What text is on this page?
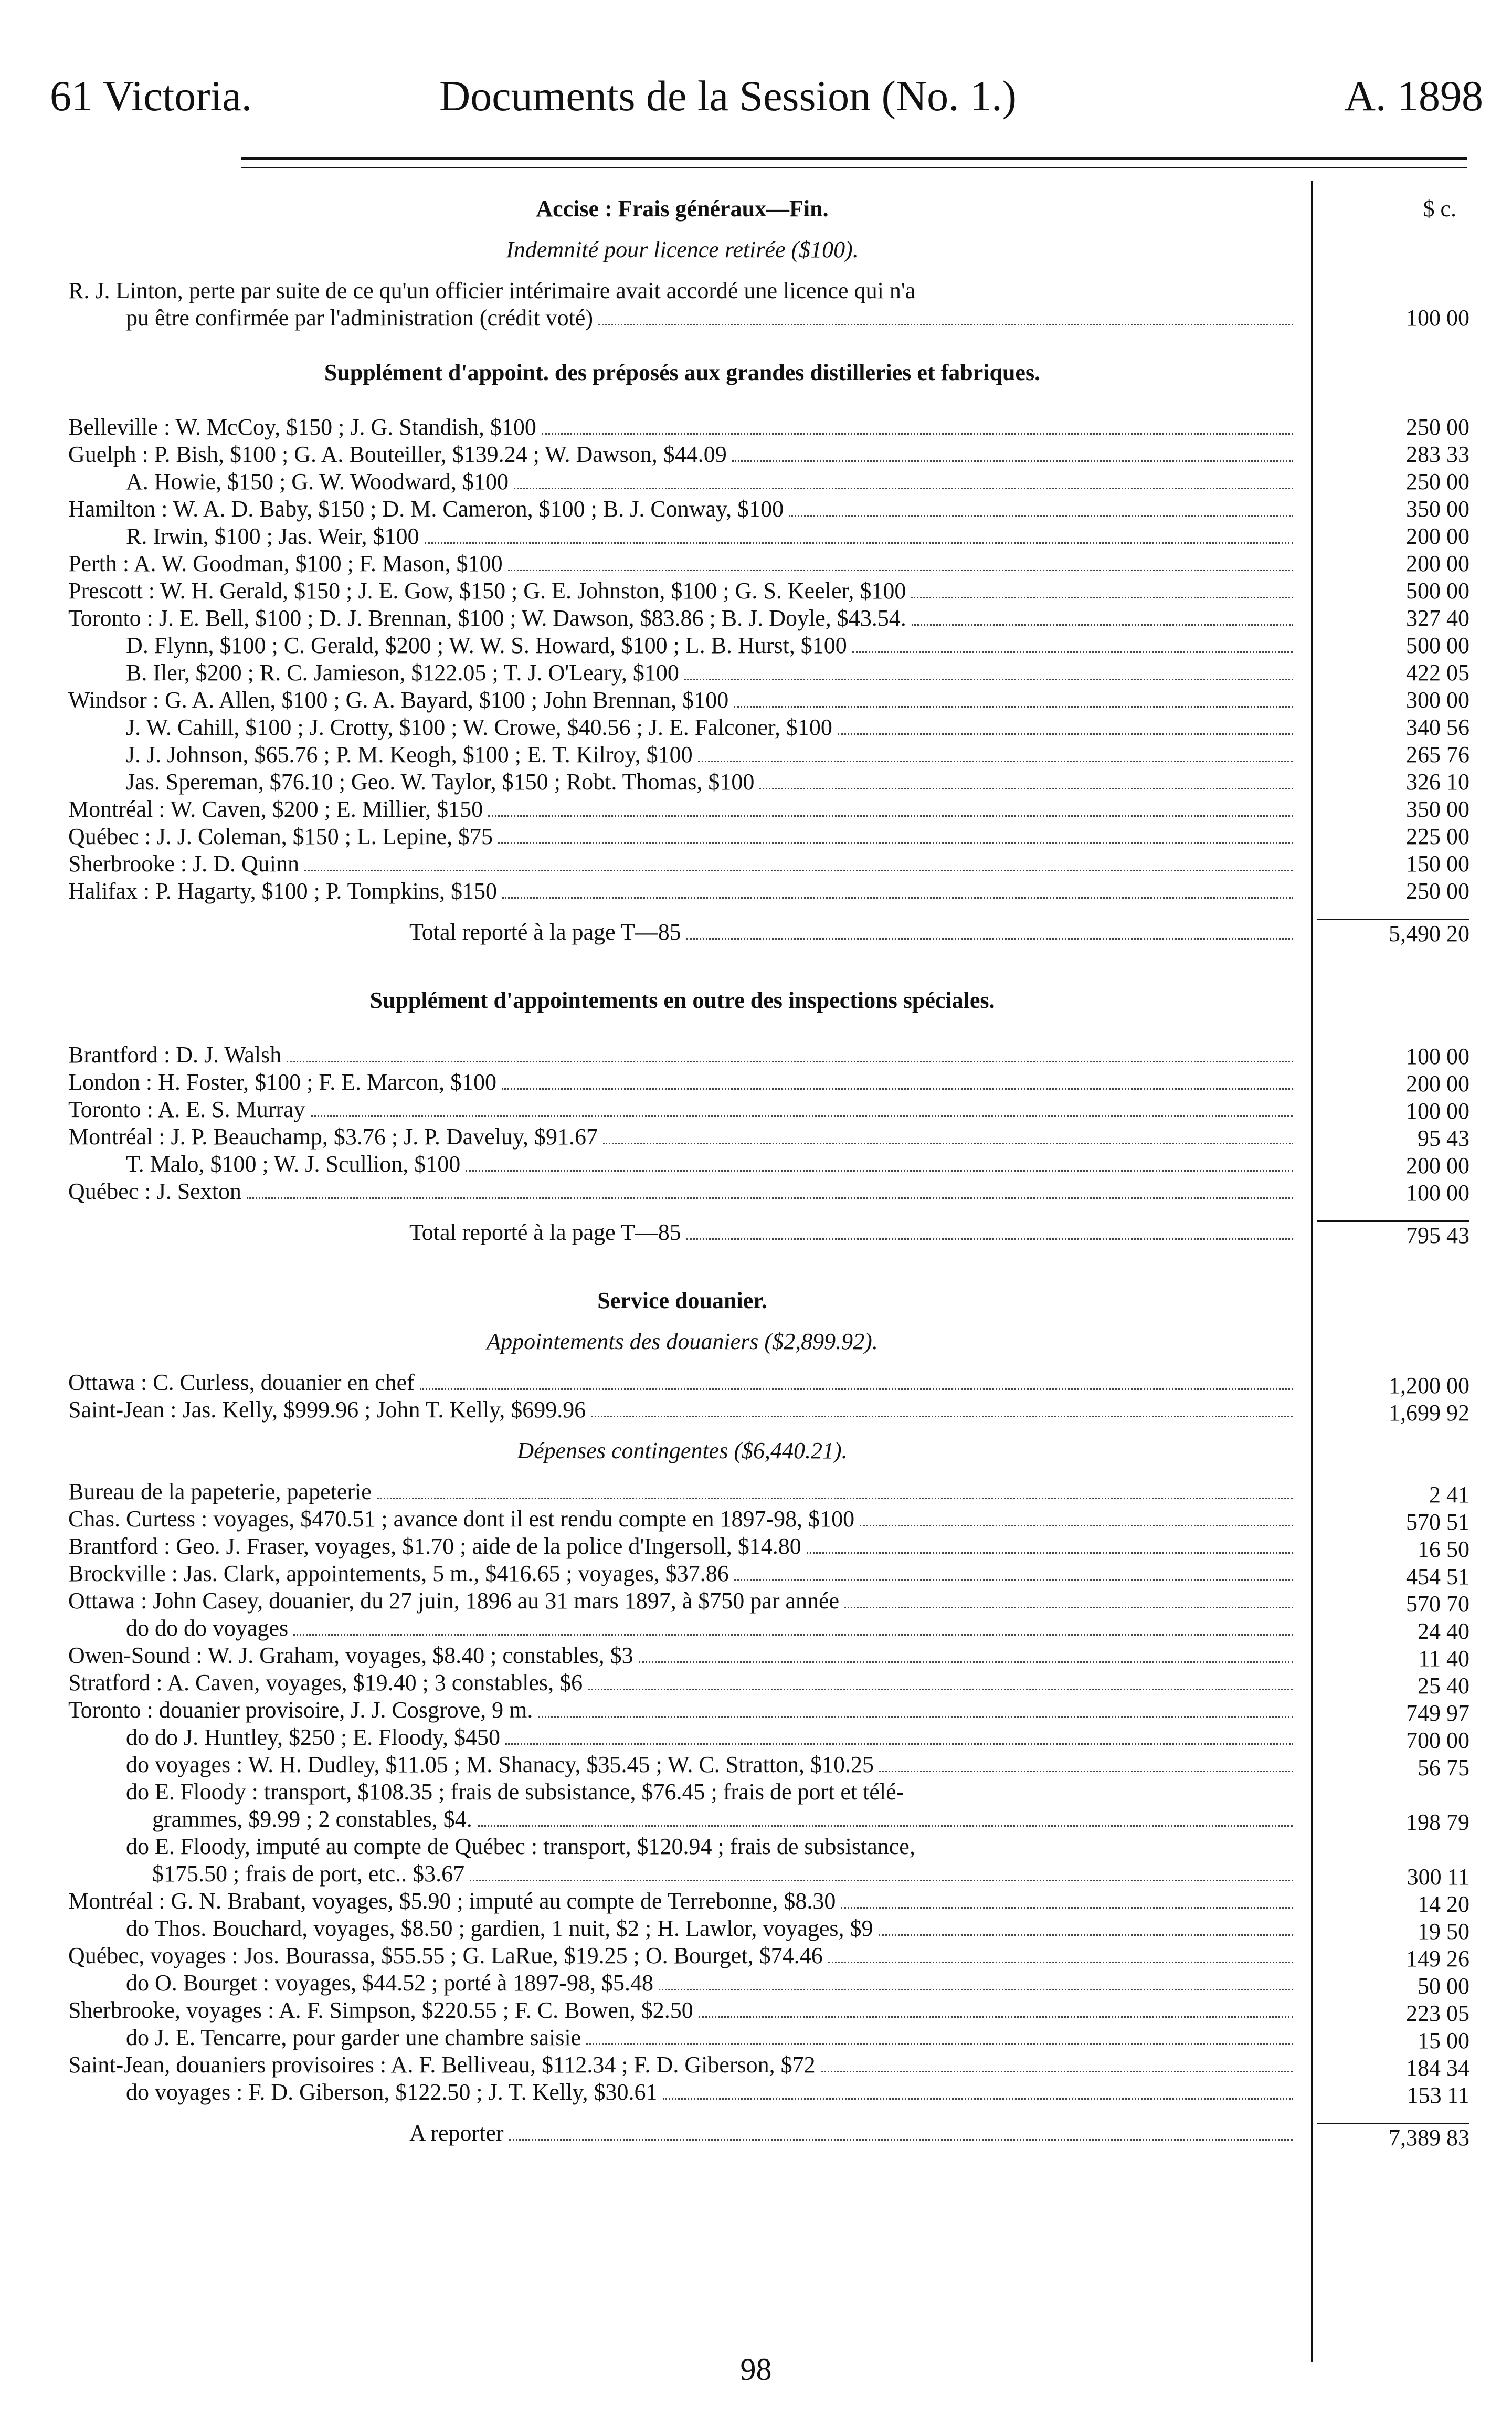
61 Victoria.	Documents de la Session (No. 1.)	A. 1898
Accise : Frais généraux—Fin.
Indemnité pour licence retirée ($100).
R. J. Linton, perte par suite de ce qu'un officier intérimaire avait accordé une licence qui n'a
pu être confirmée par l'administration (crédit voté)
Supplément d'appoint. des préposés aux grandes distilleries et fabriques.
Belleville : W. McCoy, $150 ; J. G. Standish, $100
Guelph : P. Bish, $100 ; G. A. Bouteiller, $139.24 ; W. Dawson, $44.09
A. Howie, $150 ; G. W. Woodward, $100
Hamilton : W. A. D. Baby, $150 ; D. M. Cameron, $100 ; B. J. Conway, $100
R. Irwin, $100 ; Jas. Weir, $100
Perth : A. W. Goodman, $100 ; F. Mason, $100
Prescott : W. H. Gerald, $150 ; J. E. Gow, $150 ; G. E. Johnston, $100 ; G. S. Keeler, $100
Toronto : J. E. Bell, $100 ; D. J. Brennan, $100 ; W. Dawson, $83.86 ; B. J. Doyle, $43.54.
D. Flynn, $100 ; C. Gerald, $200 ; W. W. S. Howard, $100 ; L. B. Hurst, $100
B. Iler, $200 ; R. C. Jamieson, $122.05 ; T. J. O'Leary, $100
Windsor : G. A. Allen, $100 ; G. A. Bayard, $100 ; John Brennan, $100
J. W. Cahill, $100 ; J. Crotty, $100 ; W. Crowe, $40.56 ; J. E. Falconer, $100
J. J. Johnson, $65.76 ; P. M. Keogh, $100 ; E. T. Kilroy, $100
Jas. Spereman, $76.10 ; Geo. W. Taylor, $150 ; Robt. Thomas, $100
Montréal : W. Caven, $200 ; E. Millier, $150
Québec : J. J. Coleman, $150 ; L. Lepine, $75
Sherbrooke : J. D. Quinn
Halifax : P. Hagarty, $100 ; P. Tompkins, $150
Total reporté à la page T—85
Supplément d'appointements en outre des inspections spéciales.
Brantford : D. J. Walsh
London : H. Foster, $100 ; F. E. Marcon, $100
Toronto : A. E. S. Murray
Montréal : J. P. Beauchamp, $3.76 ; J. P. Daveluy, $91.67
T. Malo, $100 ; W. J. Scullion, $100
Québec : J. Sexton
Total reporté à la page T—85
Service douanier.
Appointements des douaniers ($2,899.92).
Ottawa : C. Curless, douanier en chef
Saint-Jean : Jas. Kelly, $999.96 ; John T. Kelly, $699.96
Dépenses contingentes ($6,440.21).
Bureau de la papeterie, papeterie
Chas. Curtess : voyages, $470.51 ; avance dont il est rendu compte en 1897-98, $100
Brantford : Geo. J. Fraser, voyages, $1.70 ; aide de la police d'Ingersoll, $14.80
Brockville : Jas. Clark, appointements, 5 m., $416.65 ; voyages, $37.86
Ottawa : John Casey, douanier, du 27 juin, 1896 au 31 mars 1897, à $750 par année
do do do voyages
Owen-Sound : W. J. Graham, voyages, $8.40 ; constables, $3
Stratford : A. Caven, voyages, $19.40 ; 3 constables, $6
Toronto : douanier provisoire, J. J. Cosgrove, 9 m.
do do J. Huntley, $250 ; E. Floody, $450
do voyages : W. H. Dudley, $11.05 ; M. Shanacy, $35.45 ; W. C. Stratton, $10.25
do E. Floody : transport, $108.35 ; frais de subsistance, $76.45 ; frais de port et télé-
grammes, $9.99 ; 2 constables, $4.
do E. Floody, imputé au compte de Québec : transport, $120.94 ; frais de subsistance,
$175.50 ; frais de port, etc.. $3.67
Montréal : G. N. Brabant, voyages, $5.90 ; imputé au compte de Terrebonne, $8.30
do Thos. Bouchard, voyages, $8.50 ; gardien, 1 nuit, $2 ; H. Lawlor, voyages, $9
Québec, voyages : Jos. Bourassa, $55.55 ; G. LaRue, $19.25 ; O. Bourget, $74.46
do O. Bourget : voyages, $44.52 ; porté à 1897-98, $5.48
Sherbrooke, voyages : A. F. Simpson, $220.55 ; F. C. Bowen, $2.50
do J. E. Tencarre, pour garder une chambre saisie
Saint-Jean, douaniers provisoires : A. F. Belliveau, $112.34 ; F. D. Giberson, $72
do voyages : F. D. Giberson, $122.50 ; J. T. Kelly, $30.61
A reporter
$ c.
100 00
250 00
283 33
250 00
350 00
200 00
200 00
500 00
327 40
500 00
422 05
300 00
340 56
265 76
326 10
350 00
225 00
150 00
250 00
5,490 20
100 00
200 00
100 00
95 43
200 00
100 00
795 43
1,200 00
1,699 92
2 41
570 51
16 50
454 51
570 70
24 40
11 40
25 40
749 97
700 00
56 75
198 79
300 11
14 20
19 50
149 26
50 00
223 05
15 00
184 34
153 11
7,389 83
98
